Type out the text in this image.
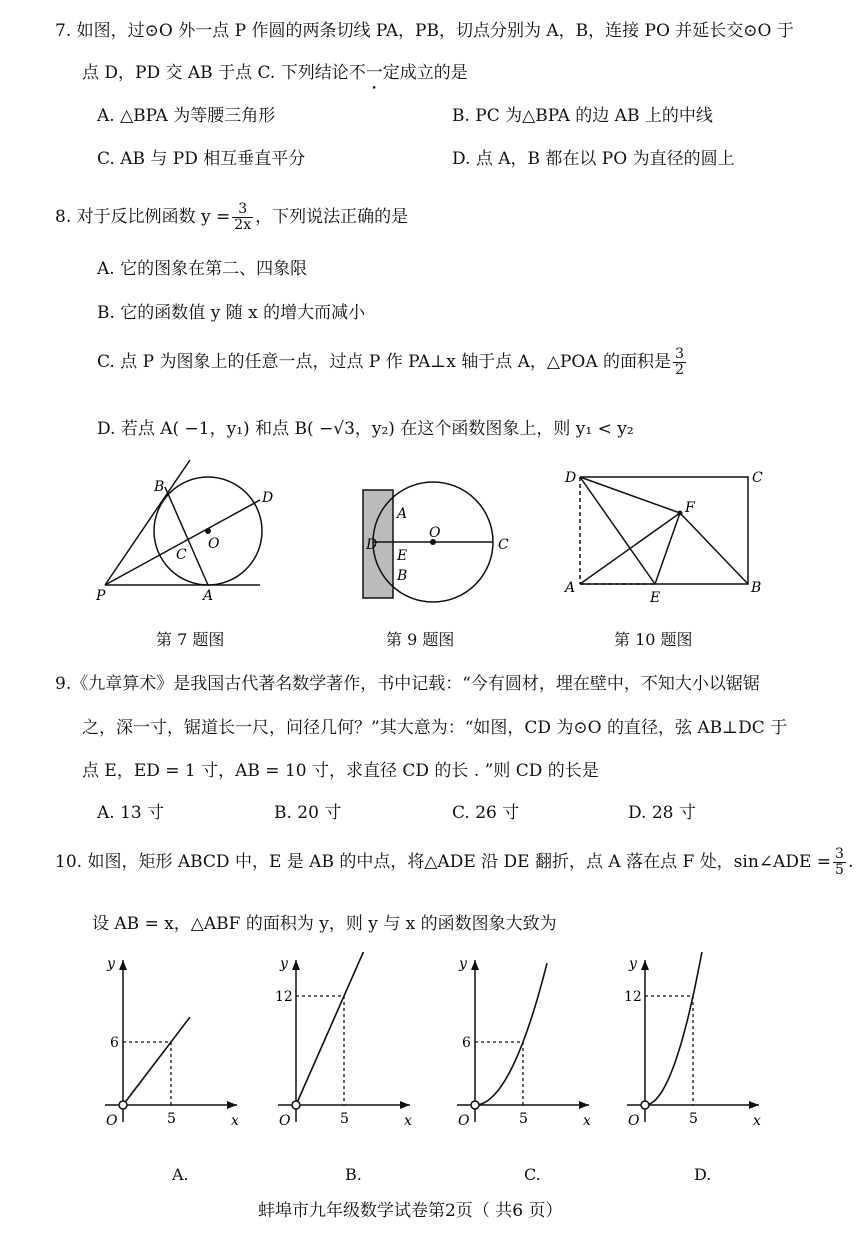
7. 如图，过⊙O 外一点 P 作圆的两条切线 PA，PB，切点分别为 A，B，连接 PO 并延长交⊙O 于
点 D，PD 交 AB 于点 C. 下列结论不一定成立的是
A. △BPA 为等腰三角形	B. PC 为△BPA 的边 AB 上的中线
C. AB 与 PD 相互垂直平分	D. 点 A，B 都在以 PO 为直径的圆上
8. 对于反比例函数 $y = \frac{3}{2x}$ ，下列说法正确的是
A. 它的图象在第二、四象限
B. 它的函数值 y 随 x 的增大而减小
C. 点 P 为图象上的任意一点，过点 P 作 PA⊥x 轴于点 A，△POA 的面积是 $\frac{3}{2}$
D. 若点 A( −1，y₁) 和点 B( −√3，y₂) 在这个函数图象上，则 y₁ < y₂
B
D
O
C
P	A
A
O
D
E
C
B
D	C
F
A
E
B
第 7 题图	第 9 题图	第 10 题图
9.《九章算术》是我国古代著名数学著作，书中记载：“今有圆材，埋在壁中，不知大小以锯锯
之，深一寸，锯道长一尺，问径几何？”其大意为：“如图，CD 为⊙O 的直径，弦 AB⊥DC 于
点 E，ED = 1 寸，AB = 10 寸，求直径 CD 的长 . ”则 CD 的长是
A. 13 寸	B. 20 寸	C. 26 寸	D. 28 寸
10. 如图，矩形 ABCD 中，E 是 AB 的中点，将△ADE 沿 DE 翻折，点 A 落在点 F 处，sin∠ADE = $\frac{3}{5}$ .
设 AB = x，△ABF 的面积为 y，则 y 与 x 的函数图象大致为
y
x
O	5
6
A.
y
x
O	5
12
B.
y
x
O	5
6
C.
y
x
O	5
12
D.
蚌埠市九年级数学试卷第2页（ 共6 页）
